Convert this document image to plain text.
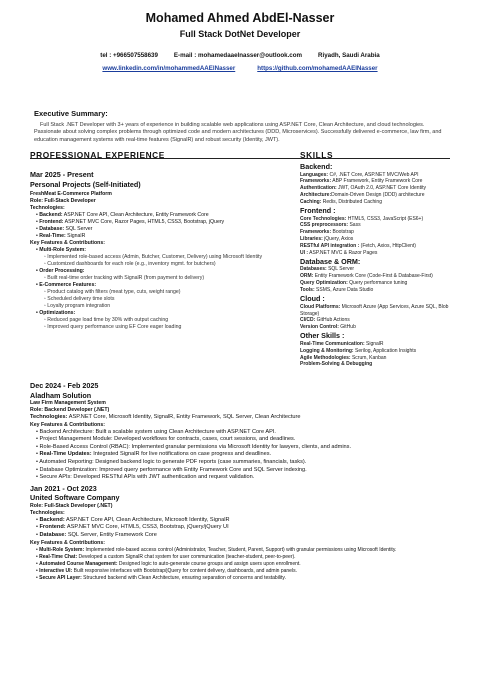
Mohamed Ahmed AbdEl-Nasser
Full Stack DotNet Developer
tel : +966507558639	E-mail : mohamedaaelnasser@outlook.com	Riyadh, Saudi Arabia
www.linkedin.com/in/mohammedAAElNasser	https://github.com/mohamedAAElNasser
Executive Summary:
Full Stack .NET Developer with 3+ years of experience in building scalable web applications using ASP.NET Core, Clean Architecture, and cloud technologies. Passionate about solving complex problems through optimized code and modern architectures (DDD, Microservices). Successfully delivered e-commerce, law firm, and education management systems with real-time features (SignalR) and robust security (Identity, JWT).
PROFESSIONAL EXPERIENCE
Mar 2025 - Present
Personal Projects (Self-Initiated)
FreshMeat E-Commerce Platform
Role: Full-Stack Developer
Technologies:
• Backend: ASP.NET Core API, Clean Architecture, Entity Framework Core
• Frontend: ASP.NET MVC Core, Razor Pages, HTML5, CSS3, Bootstrap, jQuery
• Database: SQL Server
• Real-Time: SignalR
Key Features & Contributions:
• Multi-Role System:
◦ Implemented role-based access (Admin, Butcher, Customer, Delivery) using Microsoft Identity
◦ Customized dashboards for each role (e.g., inventory mgmt. for butchers)
• Order Processing:
◦ Built real-time order tracking with SignalR (from payment to delivery)
• E-Commerce Features:
◦ Product catalog with filters (meat type, cuts, weight range)
◦ Scheduled delivery time slots
◦ Loyalty program integration
• Optimizations:
◦ Reduced page load time by 30% with output caching
◦ Improved query performance using EF Core eager loading
SKILLS
Backend:
Languages: C#, .NET Core, ASP.NET MVC/Web API
Frameworks: ABP Framework, Entity Framework Core
Authentication: JWT, OAuth 2.0, ASP.NET Core Identity
Architecture:Domain-Driven Design (DDD) architecture
Caching: Redis, Distributed Caching
Frontend :
Core Technologies: HTML5, CSS3, JavaScript (ES6+)
CSS preprocessors: Sass
Frameworks: Bootstrap
Libraries: jQuery, Axios
RESTful API integration : (Fetch, Axios, HttpClient)
UI : ASP.NET MVC & Razor Pages
Database & ORM:
Databases: SQL Server
ORM: Entity Framework Core (Code-First & Database-First)
Query Optimization: Query performance tuning
Tools: SSMS, Azure Data Studio
Cloud :
Cloud Platforms: Microsoft Azure (App Services, Azure SQL, Blob Storage)
CI/CD: GitHub Actions
Version Control: GitHub
Other Skills :
Real-Time Communication: SignalR
Logging & Monitoring: Serilog, Application Insights
Agile Methodologies: Scrum, Kanban
Problem-Solving & Debugging
Dec 2024 - Feb 2025
Aladham Solution
Law Firm Management System
Role: Backend Developer (.NET)
Technologies: ASP.NET Core, Microsoft Identity, SignalR, Entity Framework, SQL Server, Clean Architecture
Key Features & Contributions:
• Backend Architecture: Built a scalable system using Clean Architecture with ASP.NET Core API.
• Project Management Module: Developed workflows for contracts, cases, court sessions, and deadlines.
• Role-Based Access Control (RBAC): Implemented granular permissions via Microsoft Identity for lawyers, clients, and admins.
• Real-Time Updates: Integrated SignalR for live notifications on case progress and deadlines.
• Automated Reporting: Designed backend logic to generate PDF reports (case summaries, financials, tasks).
• Database Optimization: Improved query performance with Entity Framework Core and SQL Server indexing.
• Secure APIs: Developed RESTful APIs with JWT authentication and request validation.
Jan 2021 - Oct 2023
United Software Company
Role: Full-Stack Developer (.NET)
Technologies:
• Backend: ASP.NET Core API, Clean Architecture, Microsoft Identity, SignalR
• Frontend: ASP.NET MVC Core, HTML5, CSS3, Bootstrap, jQuery/jQuery UI
• Database: SQL Server, Entity Framework Core
Key Features & Contributions:
• Multi-Role System: Implemented role-based access control (Administrator, Teacher, Student, Parent, Support) with granular permissions using Microsoft Identity.
• Real-Time Chat: Developed a custom SignalR chat system for user communication (teacher-student, peer-to-peer).
• Automated Course Management: Designed logic to auto-generate course groups and assign users upon enrollment.
• Interactive UI: Built responsive interfaces with Bootstrap/jQuery for content delivery, dashboards, and admin panels.
• Secure API Layer: Structured backend with Clean Architecture, ensuring separation of concerns and testability.
